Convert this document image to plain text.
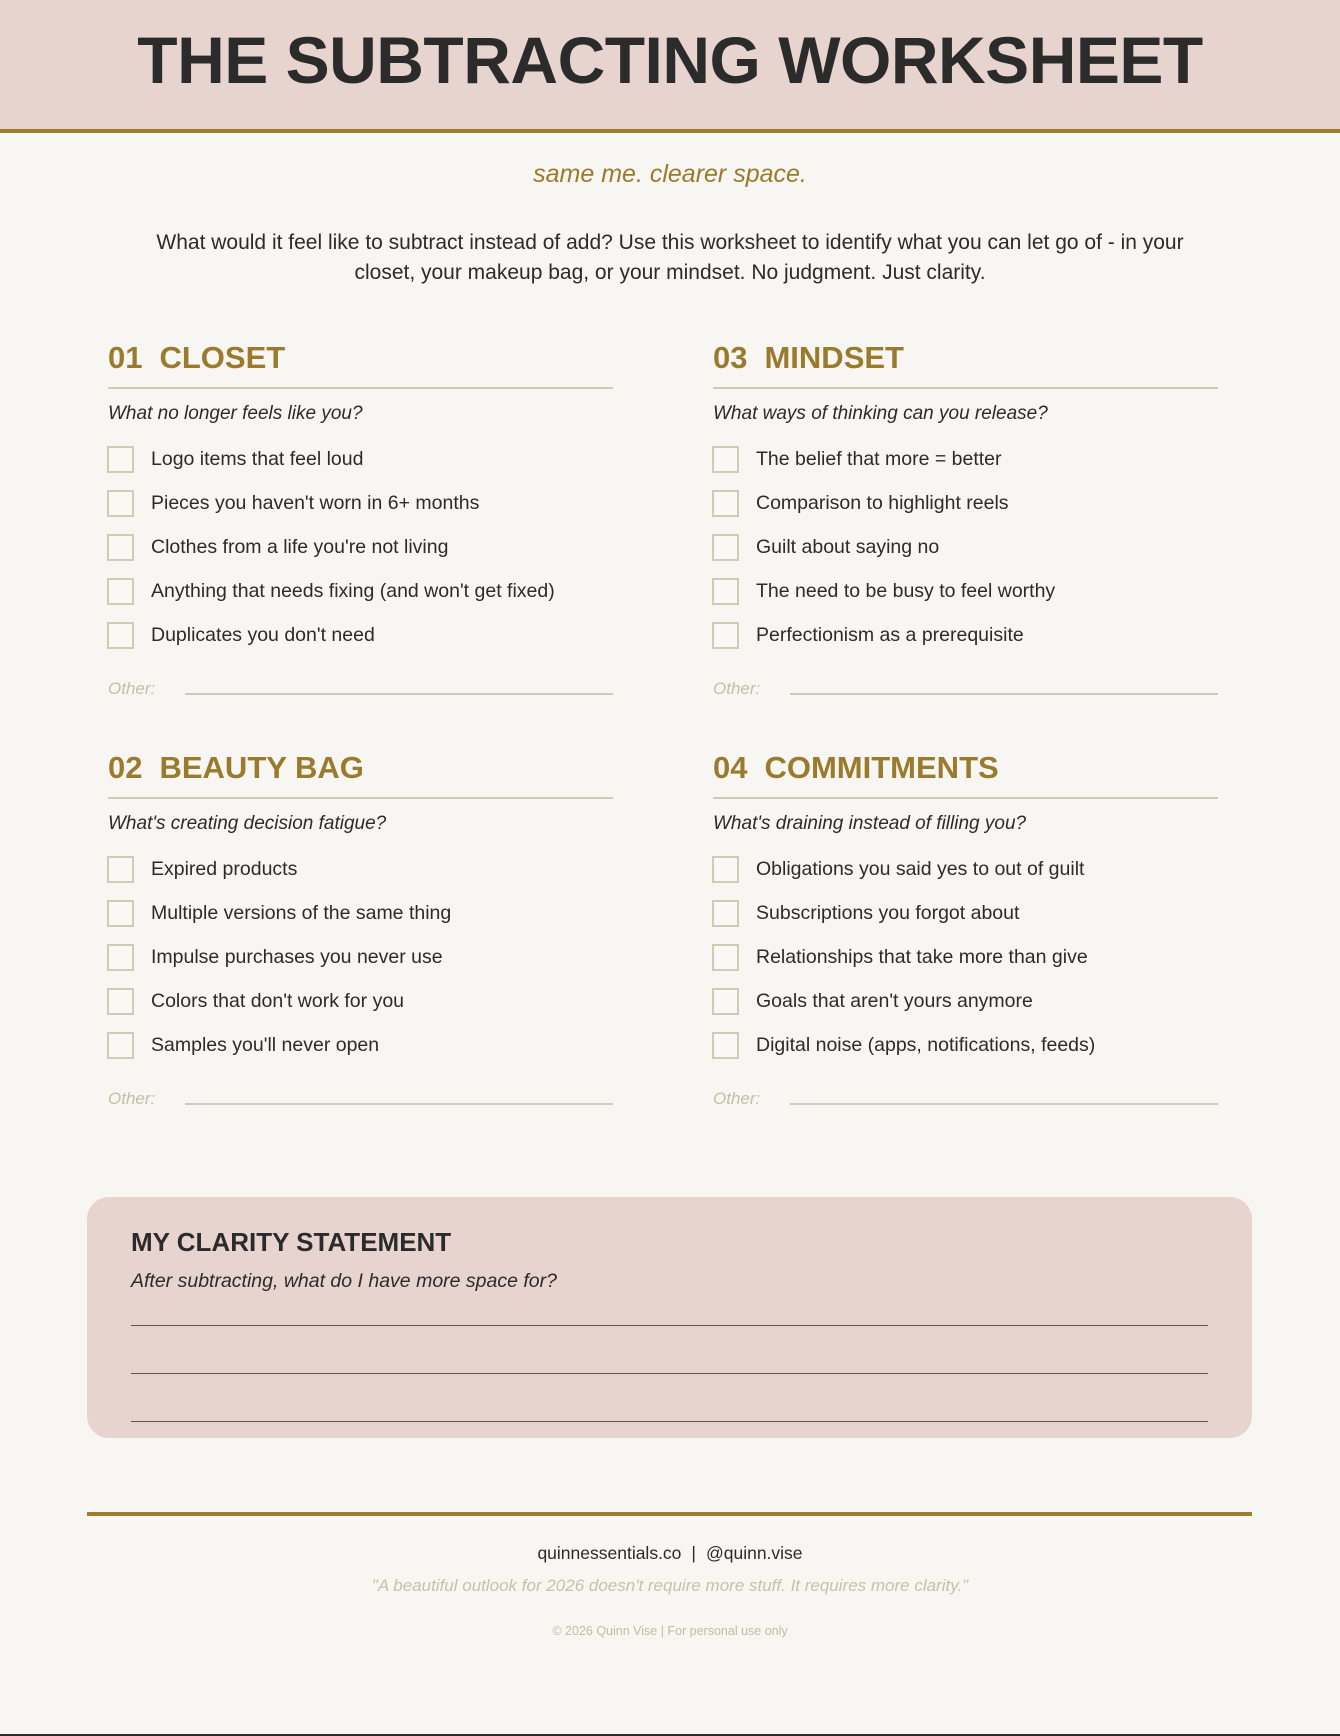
THE SUBTRACTING WORKSHEET
same me. clearer space.
What would it feel like to subtract instead of add? Use this worksheet to identify what you can let go of - in your closet, your makeup bag, or your mindset. No judgment. Just clarity.
01 CLOSET
What no longer feels like you?
Logo items that feel loud
Pieces you haven't worn in 6+ months
Clothes from a life you're not living
Anything that needs fixing (and won't get fixed)
Duplicates you don't need
Other:
03 MINDSET
What ways of thinking can you release?
The belief that more = better
Comparison to highlight reels
Guilt about saying no
The need to be busy to feel worthy
Perfectionism as a prerequisite
Other:
02 BEAUTY BAG
What's creating decision fatigue?
Expired products
Multiple versions of the same thing
Impulse purchases you never use
Colors that don't work for you
Samples you'll never open
Other:
04 COMMITMENTS
What's draining instead of filling you?
Obligations you said yes to out of guilt
Subscriptions you forgot about
Relationships that take more than give
Goals that aren't yours anymore
Digital noise (apps, notifications, feeds)
Other:
MY CLARITY STATEMENT
After subtracting, what do I have more space for?
quinnessentials.co | @quinn.vise
"A beautiful outlook for 2026 doesn't require more stuff. It requires more clarity."
© 2026 Quinn Vise | For personal use only
